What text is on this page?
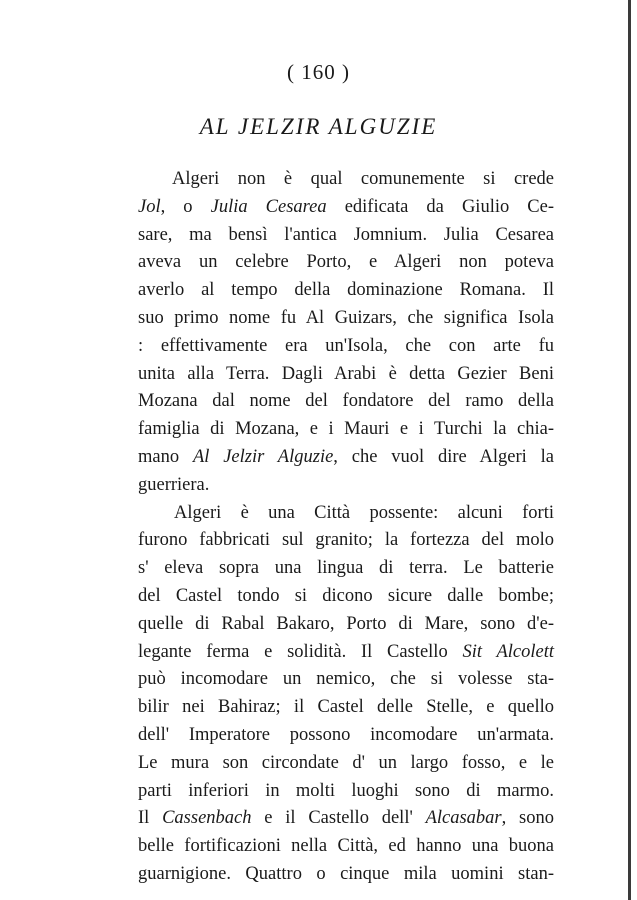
( 160 )
AL JELZIR ALGUZIE
Algeri non è qual comunemente si crede
Jol, o Julia Cesarea edificata da Giulio Ce-
sare, ma bensì l'antica Jomnium. Julia Cesarea
aveva un celebre Porto, e Algeri non poteva
averlo al tempo della dominazione Romana. Il
suo primo nome fu Al Guizars, che significa Isola
: effettivamente era un'Isola, che con arte fu
unita alla Terra. Dagli Arabi è detta Gezier Beni
Mozana dal nome del fondatore del ramo della
famiglia di Mozana, e i Mauri e i Turchi la chia-
mano Al Jelzir Alguzie, che vuol dire Algeri la
guerriera.
Algeri è una Città possente: alcuni forti
furono fabbricati sul granito; la fortezza del molo
s' eleva sopra una lingua di terra. Le batterie
del Castel tondo si dicono sicure dalle bombe;
quelle di Rabal Bakaro, Porto di Mare, sono d'e-
legante ferma e solidità. Il Castello Sit Alcolett
può incomodare un nemico, che si volesse sta-
bilir nei Bahiraz; il Castel delle Stelle, e quello
dell' Imperatore possono incomodare un'armata.
Le mura son circondate d' un largo fosso, e le
parti inferiori in molti luoghi sono di marmo.
Il Cassenbach e il Castello dell' Alcasabar, sono
belle fortificazioni nella Città, ed hanno una buona
guarnigione. Quattro o cinque mila uomini stan-
